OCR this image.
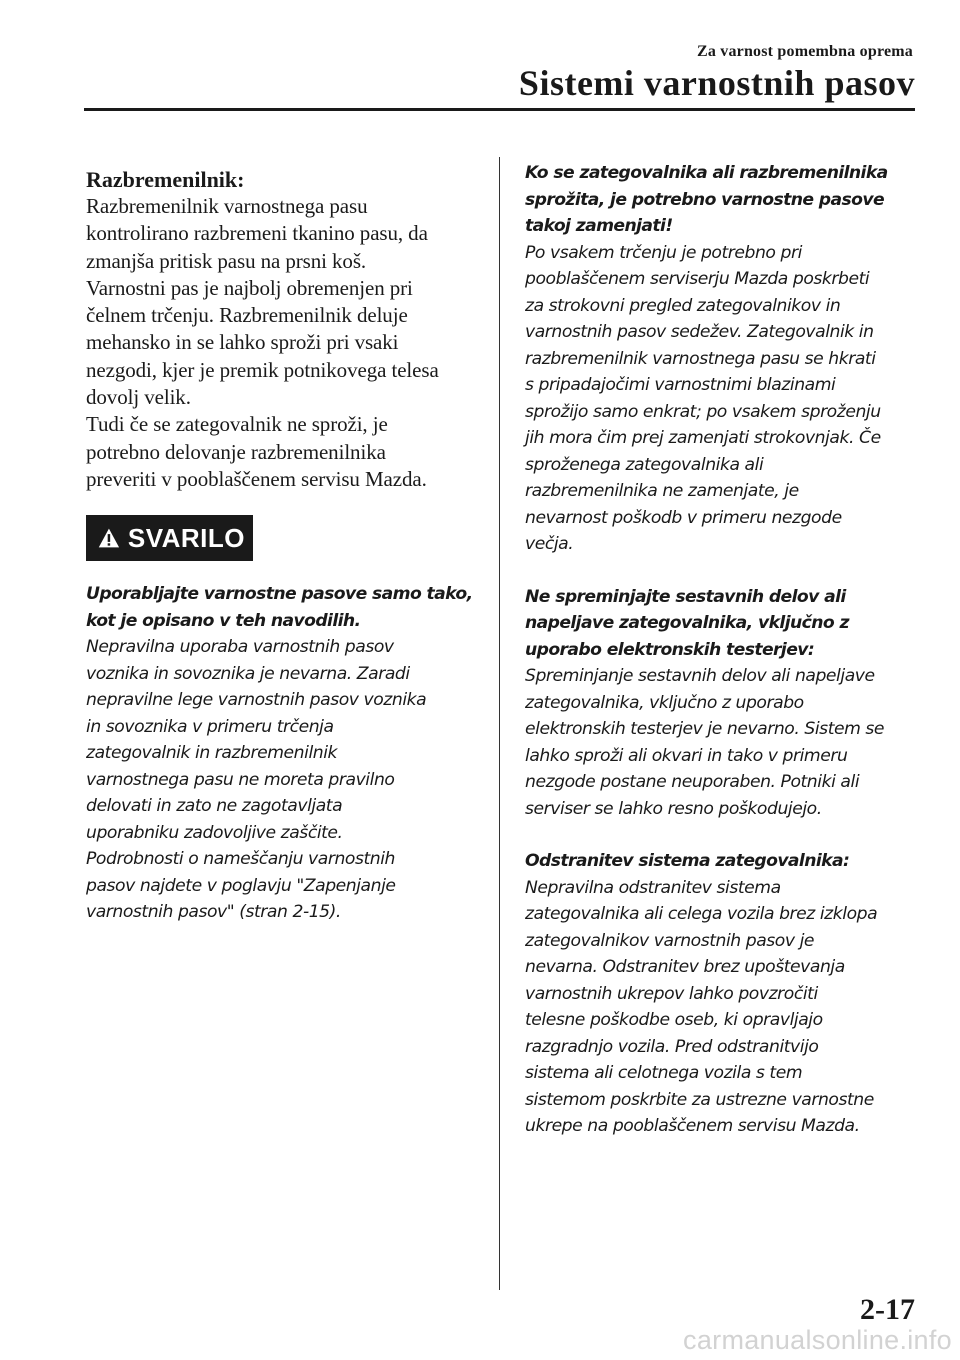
Za varnost pomembna oprema
Sistemi varnostnih pasov
Razbremenilnik:

Razbremenilnik varnostnega pasu

kontrolirano razbremeni tkanino pasu, da

zmanjša pritisk pasu na prsni koš.

Varnostni pas je najbolj obremenjen pri

čelnem trčenju. Razbremenilnik deluje

mehansko in se lahko sproži pri vsaki

nezgodi, kjer je premik potnikovega telesa

dovolj velik.

Tudi če se zategovalnik ne sproži, je

potrebno delovanje razbremenilnika

preveriti v pooblaščenem servisu Mazda.

SVARILO

Uporabljajte varnostne pasove samo tako,

kot je opisano v teh navodilih.

Nepravilna uporaba varnostnih pasov

voznika in sovoznika je nevarna. Zaradi

nepravilne lege varnostnih pasov voznika

in sovoznika v primeru trčenja

zategovalnik in razbremenilnik

varnostnega pasu ne moreta pravilno

delovati in zato ne zagotavljata

uporabniku zadovoljive zaščite.

Podrobnosti o nameščanju varnostnih

pasov najdete v poglavju "Zapenjanje

varnostnih pasov" (stran 2-15).

Ko se zategovalnika ali razbremenilnika

sprožita, je potrebno varnostne pasove

takoj zamenjati!

Po vsakem trčenju je potrebno pri

pooblaščenem serviserju Mazda poskrbeti

za strokovni pregled zategovalnikov in

varnostnih pasov sedežev. Zategovalnik in

razbremenilnik varnostnega pasu se hkrati

s pripadajočimi varnostnimi blazinami

sprožijo samo enkrat; po vsakem sproženju

jih mora čim prej zamenjati strokovnjak. Če

sproženega zategovalnika ali

razbremenilnika ne zamenjate, je

nevarnost poškodb v primeru nezgode

večja.

Ne spreminjajte sestavnih delov ali

napeljave zategovalnika, vključno z

uporabo elektronskih testerjev:

Spreminjanje sestavnih delov ali napeljave

zategovalnika, vključno z uporabo

elektronskih testerjev je nevarno. Sistem se

lahko sproži ali okvari in tako v primeru

nezgode postane neuporaben. Potniki ali

serviser se lahko resno poškodujejo.

Odstranitev sistema zategovalnika:

Nepravilna odstranitev sistema

zategovalnika ali celega vozila brez izklopa

zategovalnikov varnostnih pasov je

nevarna. Odstranitev brez upoštevanja

varnostnih ukrepov lahko povzročiti

telesne poškodbe oseb, ki opravljajo

razgradnjo vozila. Pred odstranitvijo

sistema ali celotnega vozila s tem

sistemom poskrbite za ustrezne varnostne

ukrepe na pooblaščenem servisu Mazda.

2-17
carmanualsonline.info
